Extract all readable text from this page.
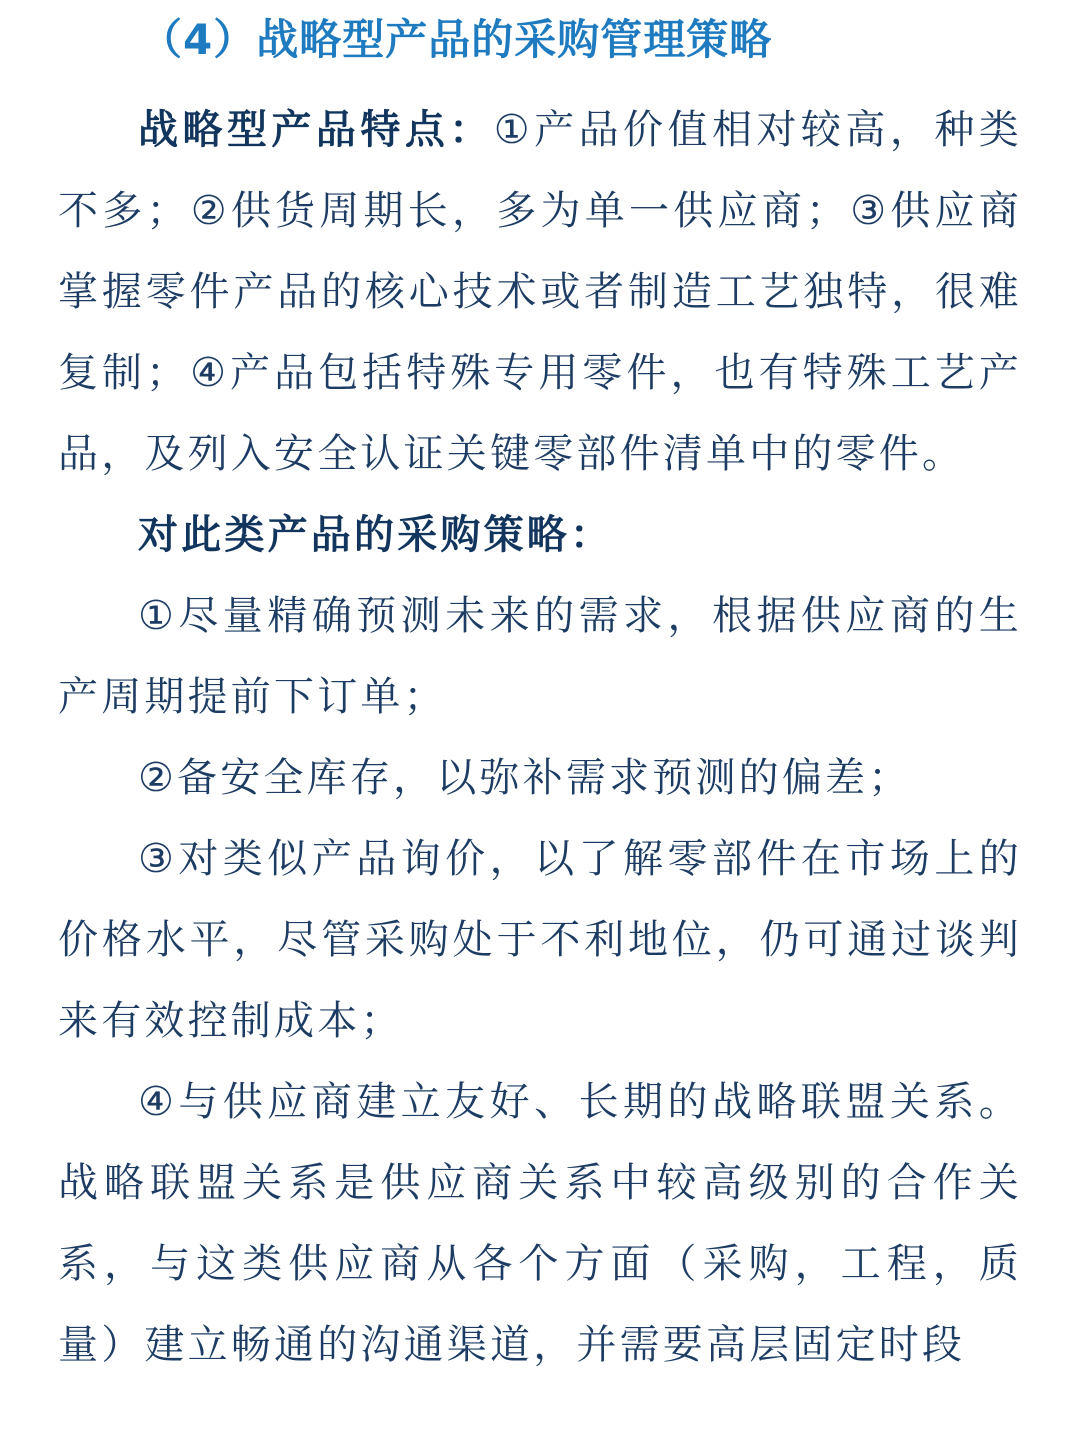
（4）战略型产品的采购管理策略

战略型产品特点：①产品价值相对较高，种类不多；②供货周期长，多为单一供应商；③供应商掌握零件产品的核心技术或者制造工艺独特，很难复制；④产品包括特殊专用零件，也有特殊工艺产品，及列入安全认证关键零部件清单中的零件。

对此类产品的采购策略：

①尽量精确预测未来的需求，根据供应商的生产周期提前下订单；

②备安全库存，以弥补需求预测的偏差；

③对类似产品询价，以了解零部件在市场上的价格水平，尽管采购处于不利地位，仍可通过谈判来有效控制成本；

④与供应商建立友好、长期的战略联盟关系。战略联盟关系是供应商关系中较高级别的合作关系，与这类供应商从各个方面（采购，工程，质量）建立畅通的沟通渠道，并需要高层固定时段
